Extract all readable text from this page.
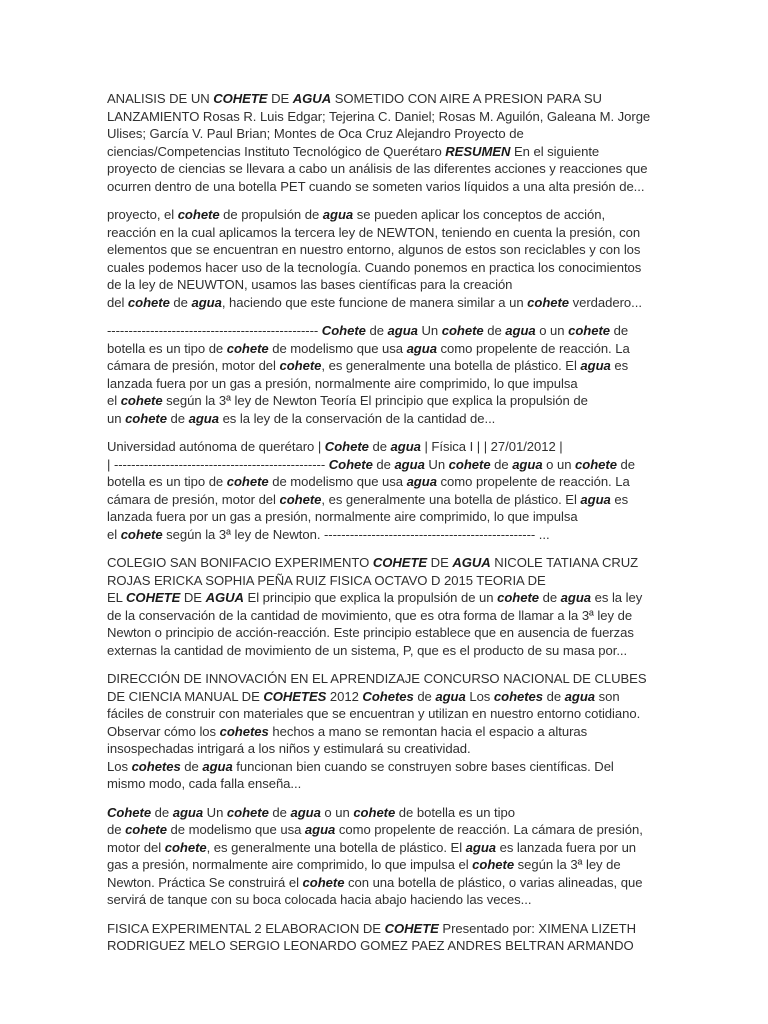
ANALISIS DE UN COHETE DE AGUA SOMETIDO CON AIRE A PRESION PARA SU
LANZAMIENTO Rosas R. Luis Edgar; Tejerina C. Daniel; Rosas M. Aguilón, Galeana M. Jorge
Ulises; García V. Paul Brian; Montes de Oca Cruz Alejandro Proyecto de
ciencias/Competencias Instituto Tecnológico de Querétaro RESUMEN En el siguiente
proyecto de ciencias se llevara a cabo un análisis de las diferentes acciones y reacciones que
ocurren dentro de una botella PET cuando se someten varios líquidos a una alta presión de...
proyecto, el cohete de propulsión de agua se pueden aplicar los conceptos de acción,
reacción en la cual aplicamos la tercera ley de NEWTON, teniendo en cuenta la presión, con
elementos que se encuentran en nuestro entorno, algunos de estos son reciclables y con los
cuales podemos hacer uso de la tecnología. Cuando ponemos en practica los conocimientos
de la ley de NEUWTON, usamos las bases científicas para la creación
del cohete de agua, haciendo que este funcione de manera similar a un cohete verdadero...
------------------------------------------------- Cohete de agua Un cohete de agua o un cohete de
botella es un tipo de cohete de modelismo que usa agua como propelente de reacción. La
cámara de presión, motor del cohete, es generalmente una botella de plástico. El agua es
lanzada fuera por un gas a presión, normalmente aire comprimido, lo que impulsa
el cohete según la 3ª ley de Newton Teoría El principio que explica la propulsión de
un cohete de agua es la ley de la conservación de la cantidad de...
Universidad autónoma de querétaro | Cohete de agua | Física I | | 27/01/2012 |
| ------------------------------------------------- Cohete de agua Un cohete de agua o un cohete de
botella es un tipo de cohete de modelismo que usa agua como propelente de reacción. La
cámara de presión, motor del cohete, es generalmente una botella de plástico. El agua es
lanzada fuera por un gas a presión, normalmente aire comprimido, lo que impulsa
el cohete según la 3ª ley de Newton. ------------------------------------------------- ...
COLEGIO SAN BONIFACIO EXPERIMENTO COHETE DE AGUA NICOLE TATIANA CRUZ
ROJAS ERICKA SOPHIA PEÑA RUIZ FISICA OCTAVO D 2015 TEORIA DE
EL COHETE DE AGUA El principio que explica la propulsión de un cohete de agua es la ley
de la conservación de la cantidad de movimiento, que es otra forma de llamar a la 3ª ley de
Newton o principio de acción-reacción. Este principio establece que en ausencia de fuerzas
externas la cantidad de movimiento de un sistema, P, que es el producto de su masa por...
DIRECCIÓN DE INNOVACIÓN EN EL APRENDIZAJE CONCURSO NACIONAL DE CLUBES
DE CIENCIA MANUAL DE COHETES 2012 Cohetes de agua Los cohetes de agua son
fáciles de construir con materiales que se encuentran y utilizan en nuestro entorno cotidiano.
Observar cómo los cohetes hechos a mano se remontan hacia el espacio a alturas
insospechadas intrigará a los niños y estimulará su creatividad.
Los cohetes de agua funcionan bien cuando se construyen sobre bases científicas. Del
mismo modo, cada falla enseña...
Cohete de agua Un cohete de agua o un cohete de botella es un tipo
de cohete de modelismo que usa agua como propelente de reacción. La cámara de presión,
motor del cohete, es generalmente una botella de plástico. El agua es lanzada fuera por un
gas a presión, normalmente aire comprimido, lo que impulsa el cohete según la 3ª ley de
Newton. Práctica Se construirá el cohete con una botella de plástico, o varias alineadas, que
servirá de tanque con su boca colocada hacia abajo haciendo las veces...
FISICA EXPERIMENTAL 2 ELABORACION DE COHETE Presentado por: XIMENA LIZETH
RODRIGUEZ MELO SERGIO LEONARDO GOMEZ PAEZ ANDRES BELTRAN ARMANDO
